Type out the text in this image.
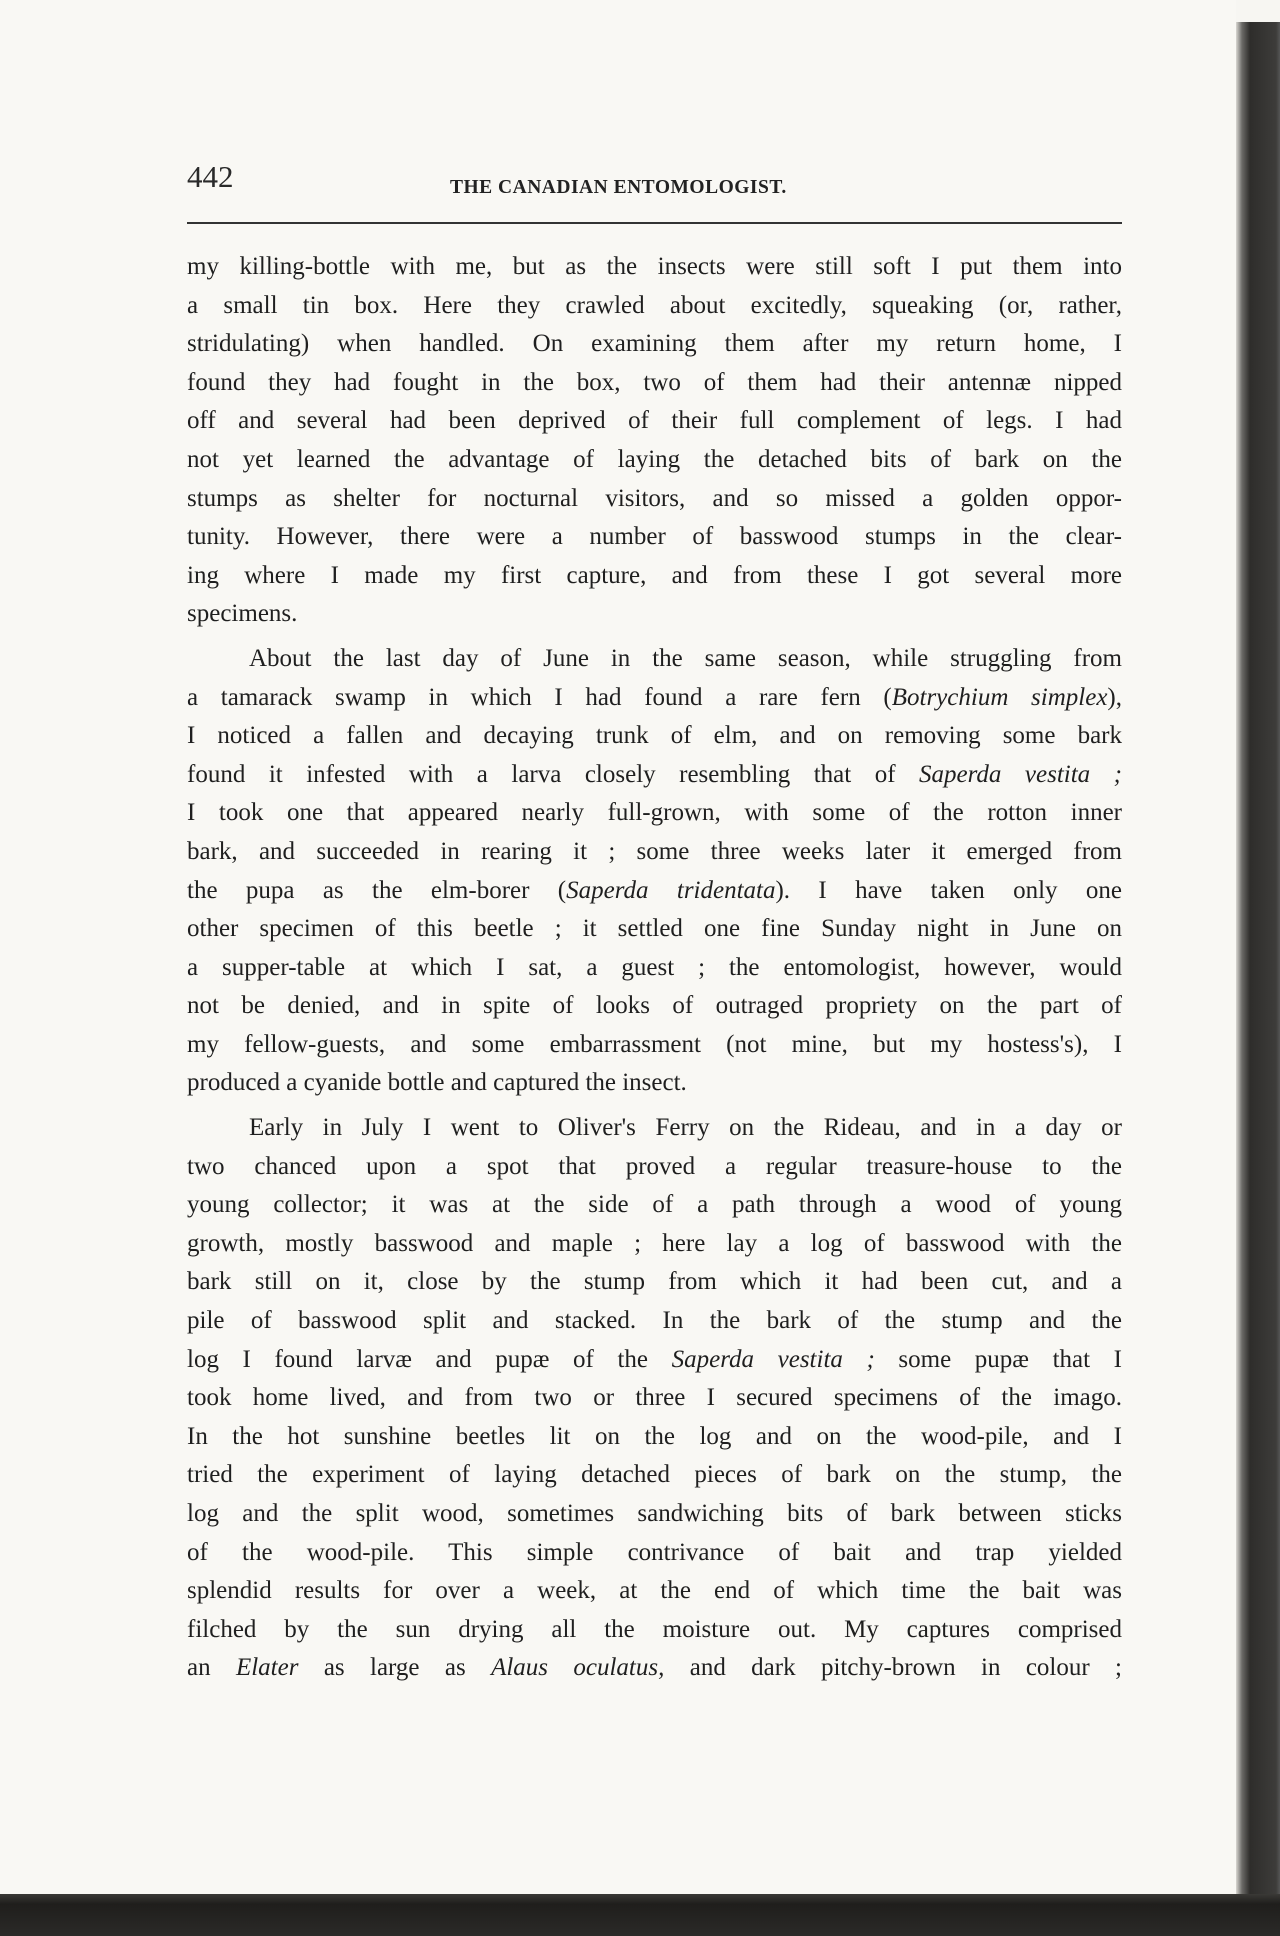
442	THE CANADIAN ENTOMOLOGIST.
my killing-bottle with me, but as the insects were still soft I put them into
a small tin box. Here they crawled about excitedly, squeaking (or, rather,
stridulating) when handled. On examining them after my return home, I
found they had fought in the box, two of them had their antennæ nipped
off and several had been deprived of their full complement of legs. I had
not yet learned the advantage of laying the detached bits of bark on the
stumps as shelter for nocturnal visitors, and so missed a golden oppor-
tunity. However, there were a number of basswood stumps in the clear-
ing where I made my first capture, and from these I got several more
specimens.
About the last day of June in the same season, while struggling from
a tamarack swamp in which I had found a rare fern (Botrychium simplex),
I noticed a fallen and decaying trunk of elm, and on removing some bark
found it infested with a larva closely resembling that of Saperda vestita ;
I took one that appeared nearly full-grown, with some of the rotton inner
bark, and succeeded in rearing it ; some three weeks later it emerged from
the pupa as the elm-borer (Saperda tridentata). I have taken only one
other specimen of this beetle ; it settled one fine Sunday night in June on
a supper-table at which I sat, a guest ; the entomologist, however, would
not be denied, and in spite of looks of outraged propriety on the part of
my fellow-guests, and some embarrassment (not mine, but my hostess's), I
produced a cyanide bottle and captured the insect.
Early in July I went to Oliver's Ferry on the Rideau, and in a day or
two chanced upon a spot that proved a regular treasure-house to the
young collector; it was at the side of a path through a wood of young
growth, mostly basswood and maple ; here lay a log of basswood with the
bark still on it, close by the stump from which it had been cut, and a
pile of basswood split and stacked. In the bark of the stump and the
log I found larvæ and pupæ of the Saperda vestita ; some pupæ that I
took home lived, and from two or three I secured specimens of the imago.
In the hot sunshine beetles lit on the log and on the wood-pile, and I
tried the experiment of laying detached pieces of bark on the stump, the
log and the split wood, sometimes sandwiching bits of bark between sticks
of the wood-pile. This simple contrivance of bait and trap yielded
splendid results for over a week, at the end of which time the bait was
filched by the sun drying all the moisture out. My captures comprised
an Elater as large as Alaus oculatus, and dark pitchy-brown in colour ;
